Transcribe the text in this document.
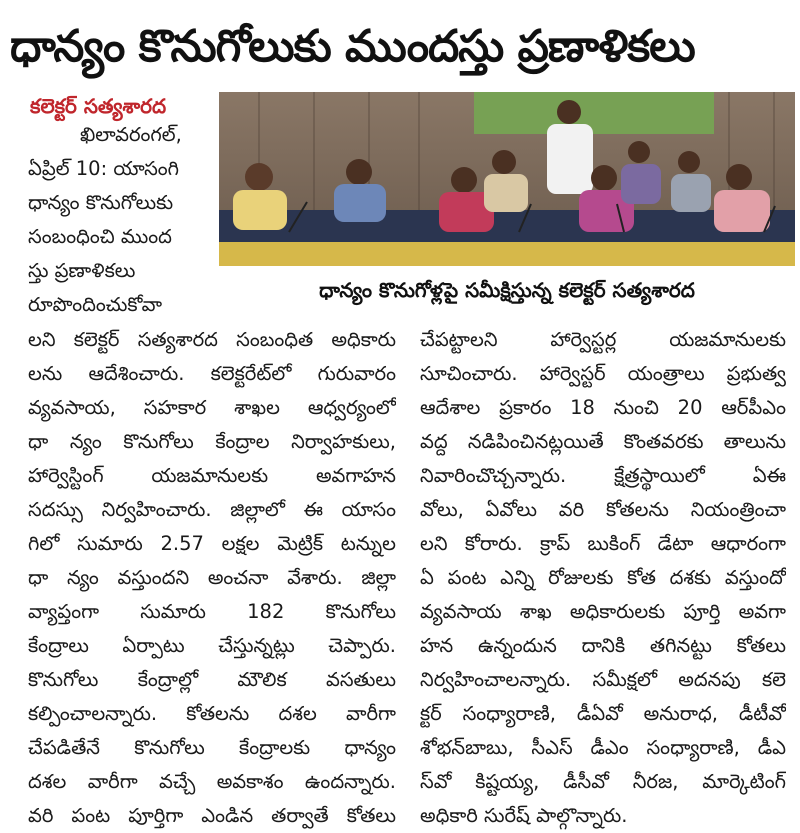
ధాన్యం కొనుగోలుకు ముందస్తు ప్రణాళికలు
కలెక్టర్ సత్యశారద

ఖిలావరంగల్,

ఏప్రిల్ 10: యాసంగి

ధాన్యం కొనుగోలుకు

సంబంధించి ముంద

స్తు ప్రణాళికలు

రూపొందించుకోవా

ధాన్యం కొనుగోళ్లపై సమీక్షిస్తున్న కలెక్టర్ సత్యశారద

లని కలెక్టర్ సత్యశారద సంబంధిత అధికారు

లను ఆదేశించారు. కలెక్టరేట్‌లో గురువారం

వ్యవసాయ, సహకార శాఖల ఆధ్వర్యంలో

ధా న్యం కొనుగోలు కేంద్రాల నిర్వాహకులు,

హార్వెస్టింగ్ యజమానులకు అవగాహన

సదస్సు నిర్వహించారు. జిల్లాలో ఈ యాసం

గిలో సుమారు 2.57 లక్షల మెట్రిక్ టన్నుల

ధా న్యం వస్తుందని అంచనా వేశారు. జిల్లా

వ్యాప్తంగా సుమారు 182 కొనుగోలు

కేంద్రాలు ఏర్పాటు చేస్తున్నట్లు చెప్పారు.

కొనుగోలు కేంద్రాల్లో మౌలిక వసతులు

కల్పించాలన్నారు. కోతలను దశల వారీగా

చేపడితేనే కొనుగోలు కేంద్రాలకు ధాన్యం

దశల వారీగా వచ్చే అవకాశం ఉందన్నారు.

వరి పంట పూర్తిగా ఎండిన తర్వాతే కోతలు

చేపట్టాలని హార్వెస్టర్ల యజమానులకు

సూచించారు. హార్వెస్టర్ యంత్రాలు ప్రభుత్వ

ఆదేశాల ప్రకారం 18 నుంచి 20 ఆర్‌పీఎం

వద్ద నడిపించినట్లయితే కొంతవరకు తాలును

నివారించొచ్చన్నారు. క్షేత్రస్థాయిలో ఏఈ

వోలు, ఏవోలు వరి కోతలను నియంత్రించా

లని కోరారు. క్రాప్ బుకింగ్ డేటా ఆధారంగా

ఏ పంట ఎన్ని రోజులకు కోత దశకు వస్తుందో

వ్యవసాయ శాఖ అధికారులకు పూర్తి అవగా

హన ఉన్నందున దానికి తగినట్టు కోతలు

నిర్వహించాలన్నారు. సమీక్షలో అదనపు కలె

క్టర్ సంధ్యారాణి, డీఏవో అనురాధ, డీటీవో

శోభన్‌బాబు, సీఎస్ డీఎం సంధ్యారాణి, డీఎ

స్‌వో కిష్టయ్య, డీసీవో నీరజ, మార్కెటింగ్

అధికారి సురేష్ పాల్గొన్నారు.
